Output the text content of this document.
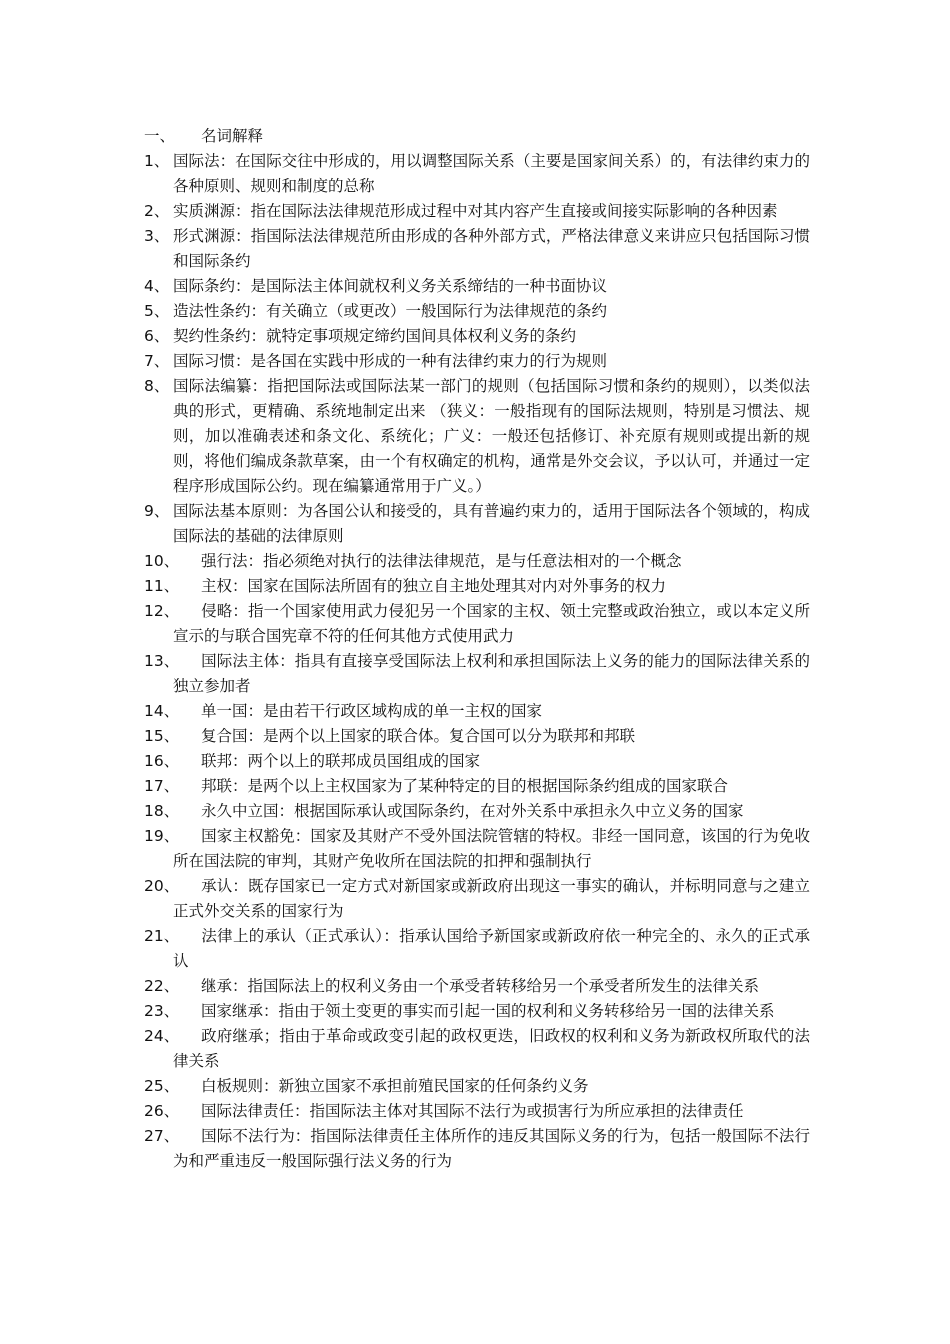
一、 名词解释
1、 国际法：在国际交往中形成的，用以调整国际关系（主要是国家间关系）的，有法律约束力的各种原则、规则和制度的总称
2、 实质渊源：指在国际法法律规范形成过程中对其内容产生直接或间接实际影响的各种因素
3、 形式渊源：指国际法法律规范所由形成的各种外部方式，严格法律意义来讲应只包括国际习惯和国际条约
4、 国际条约：是国际法主体间就权利义务关系缔结的一种书面协议
5、 造法性条约：有关确立（或更改）一般国际行为法律规范的条约
6、 契约性条约：就特定事项规定缔约国间具体权利义务的条约
7、 国际习惯：是各国在实践中形成的一种有法律约束力的行为规则
8、 国际法编纂：指把国际法或国际法某一部门的规则（包括国际习惯和条约的规则），以类似法典的形式，更精确、系统地制定出来 （狭义：一般指现有的国际法规则，特别是习惯法、规则，加以准确表述和条文化、系统化；广义：一般还包括修订、补充原有规则或提出新的规则，将他们编成条款草案，由一个有权确定的机构，通常是外交会议，予以认可，并通过一定程序形成国际公约。现在编纂通常用于广义。）
9、 国际法基本原则：为各国公认和接受的，具有普遍约束力的，适用于国际法各个领域的，构成国际法的基础的法律原则
10、 强行法：指必须绝对执行的法律法律规范，是与任意法相对的一个概念
11、 主权：国家在国际法所固有的独立自主地处理其对内对外事务的权力
12、 侵略：指一个国家使用武力侵犯另一个国家的主权、领土完整或政治独立，或以本定义所宣示的与联合国宪章不符的任何其他方式使用武力
13、 国际法主体：指具有直接享受国际法上权利和承担国际法上义务的能力的国际法律关系的独立参加者
14、 单一国：是由若干行政区域构成的单一主权的国家
15、 复合国：是两个以上国家的联合体。复合国可以分为联邦和邦联
16、 联邦：两个以上的联邦成员国组成的国家
17、 邦联：是两个以上主权国家为了某种特定的目的根据国际条约组成的国家联合
18、 永久中立国：根据国际承认或国际条约，在对外关系中承担永久中立义务的国家
19、 国家主权豁免：国家及其财产不受外国法院管辖的特权。非经一国同意，该国的行为免收所在国法院的审判，其财产免收所在国法院的扣押和强制执行
20、 承认：既存国家已一定方式对新国家或新政府出现这一事实的确认，并标明同意与之建立正式外交关系的国家行为
21、 法律上的承认（正式承认）：指承认国给予新国家或新政府依一种完全的、永久的正式承认
22、 继承：指国际法上的权利义务由一个承受者转移给另一个承受者所发生的法律关系
23、 国家继承：指由于领土变更的事实而引起一国的权利和义务转移给另一国的法律关系
24、 政府继承；指由于革命或政变引起的政权更迭，旧政权的权利和义务为新政权所取代的法律关系
25、 白板规则：新独立国家不承担前殖民国家的任何条约义务
26、 国际法律责任：指国际法主体对其国际不法行为或损害行为所应承担的法律责任
27、 国际不法行为：指国际法律责任主体所作的违反其国际义务的行为，包括一般国际不法行为和严重违反一般国际强行法义务的行为
